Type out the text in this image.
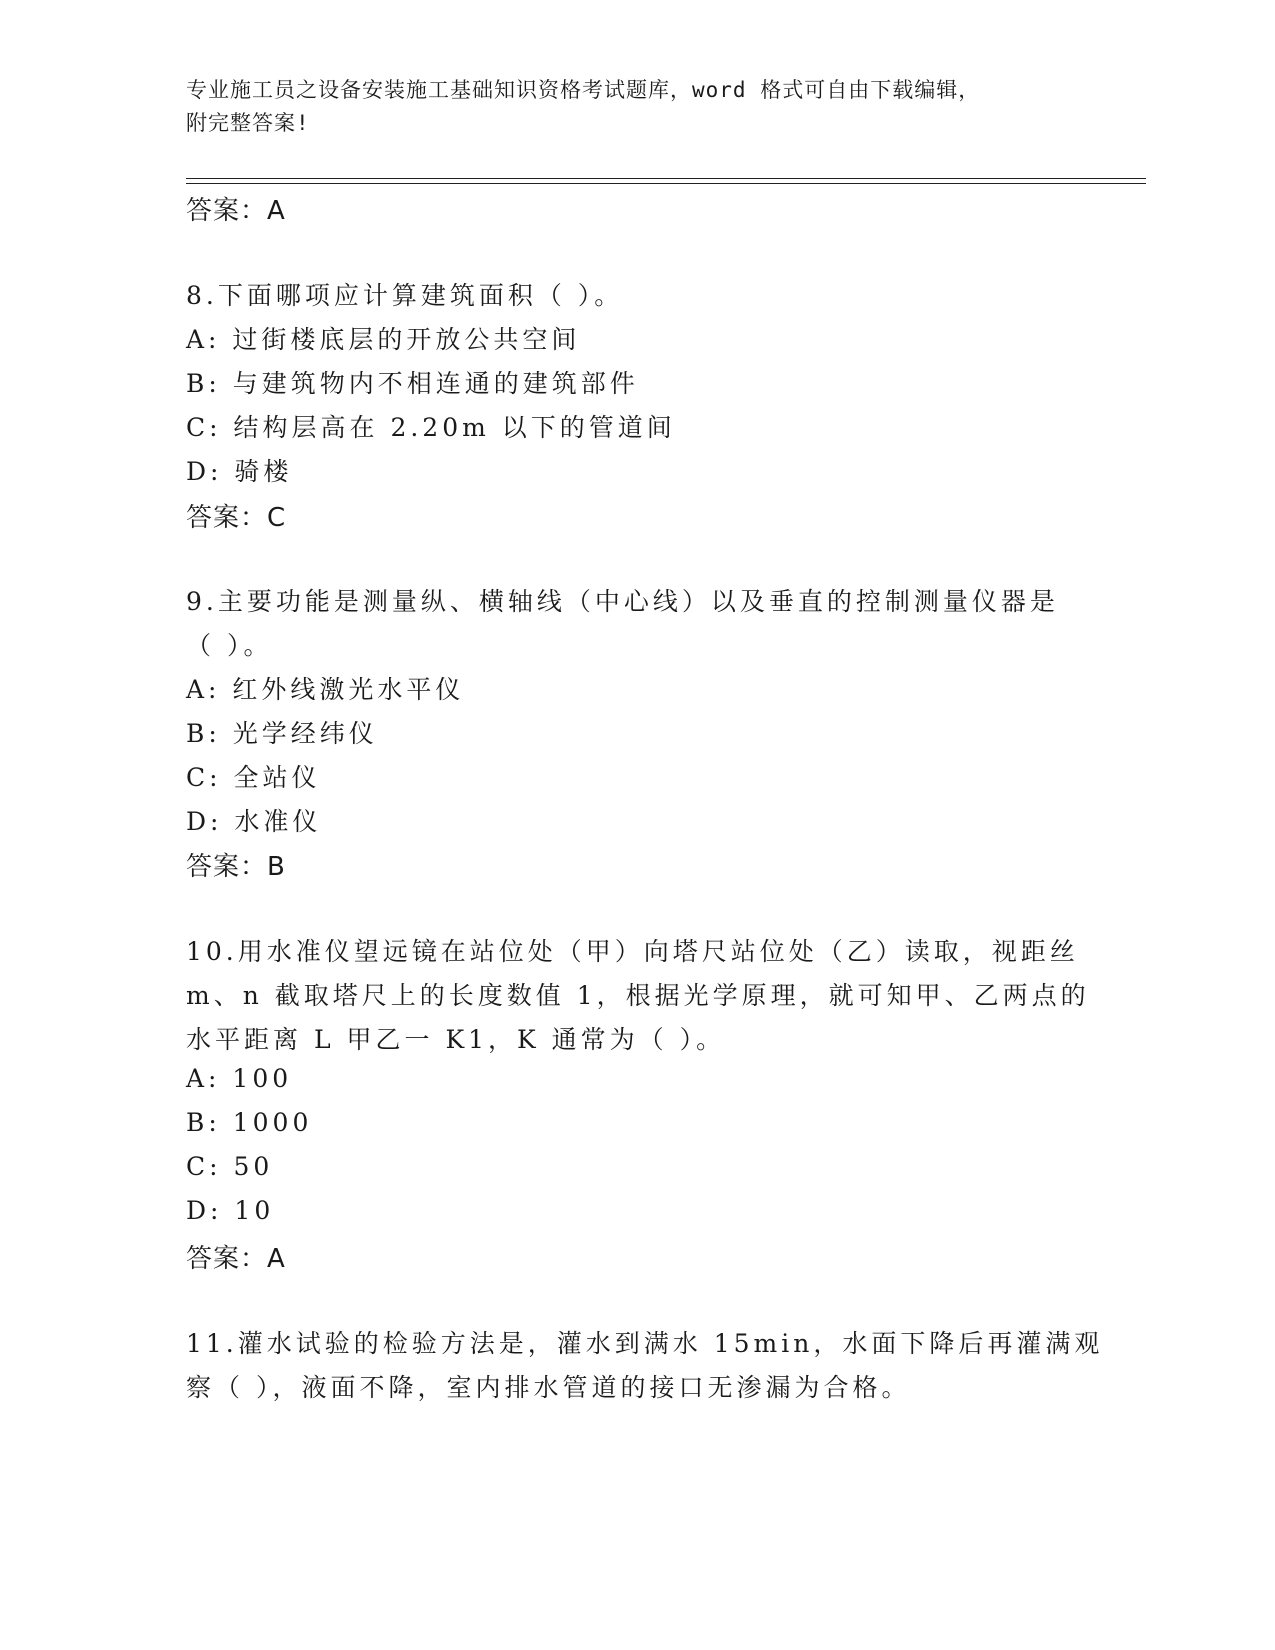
专业施工员之设备安装施工基础知识资格考试题库，word 格式可自由下载编辑，
附完整答案!
答案：A
8.下面哪项应计算建筑面积（ ）。
A: 过街楼底层的开放公共空间
B: 与建筑物内不相连通的建筑部件
C: 结构层高在 2.20m 以下的管道间
D: 骑楼
答案：C
9.主要功能是测量纵、横轴线（中心线）以及垂直的控制测量仪器是
（ ）。
A: 红外线激光水平仪
B: 光学经纬仪
C: 全站仪
D: 水准仪
答案：B
10.用水准仪望远镜在站位处（甲）向塔尺站位处（乙）读取，视距丝
m、n 截取塔尺上的长度数值 1，根据光学原理，就可知甲、乙两点的
水平距离 L 甲乙一 K1，K 通常为（ ）。
A: 100
B: 1000
C: 50
D: 10
答案：A
11.灌水试验的检验方法是，灌水到满水 15min，水面下降后再灌满观
察（ ），液面不降，室内排水管道的接口无渗漏为合格。
